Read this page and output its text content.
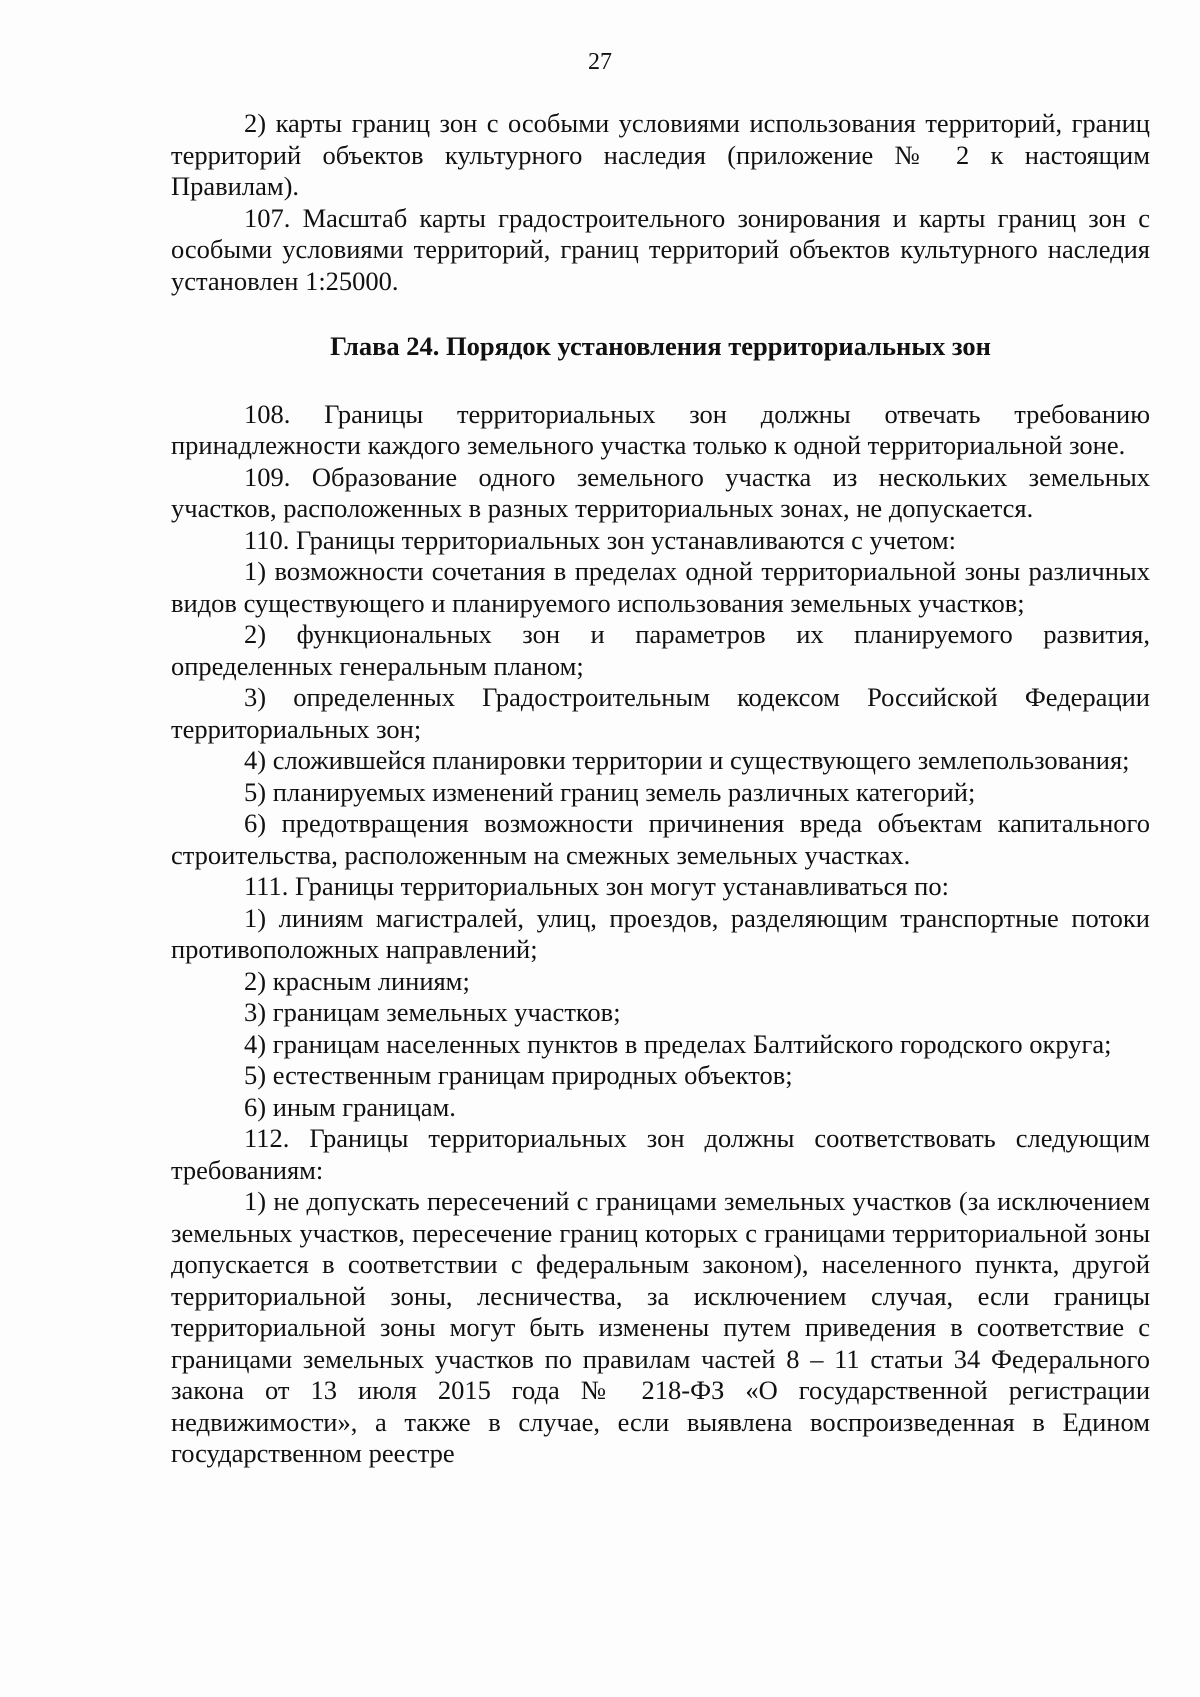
27

2) карты границ зон с особыми условиями использования территорий, границ территорий объектов культурного наследия (приложение № 2 к настоящим Правилам).

107. Масштаб карты градостроительного зонирования и карты границ зон с особыми условиями территорий, границ территорий объектов культурного наследия установлен 1:25000.

Глава 24. Порядок установления территориальных зон

108. Границы территориальных зон должны отвечать требованию принадлежности каждого земельного участка только к одной территориальной зоне.

109. Образование одного земельного участка из нескольких земельных участков, расположенных в разных территориальных зонах, не допускается.

110. Границы территориальных зон устанавливаются с учетом:

1) возможности сочетания в пределах одной территориальной зоны различных видов существующего и планируемого использования земельных участков;

2) функциональных зон и параметров их планируемого развития, определенных генеральным планом;

3) определенных Градостроительным кодексом Российской Федерации территориальных зон;

4) сложившейся планировки территории и существующего землепользования;

5) планируемых изменений границ земель различных категорий;

6) предотвращения возможности причинения вреда объектам капитального строительства, расположенным на смежных земельных участках.

111. Границы территориальных зон могут устанавливаться по:

1) линиям магистралей, улиц, проездов, разделяющим транспортные потоки противоположных направлений;

2) красным линиям;

3) границам земельных участков;

4) границам населенных пунктов в пределах Балтийского городского округа;

5) естественным границам природных объектов;

6) иным границам.

112. Границы территориальных зон должны соответствовать следующим требованиям:

1) не допускать пересечений с границами земельных участков (за исключением земельных участков, пересечение границ которых с границами территориальной зоны допускается в соответствии с федеральным законом), населенного пункта, другой территориальной зоны, лесничества, за исключением случая, если границы территориальной зоны могут быть изменены путем приведения в соответствие с границами земельных участков по правилам частей 8 – 11 статьи 34 Федерального закона от 13 июля 2015 года № 218-ФЗ «О государственной регистрации недвижимости», а также в случае, если выявлена воспроизведенная в Едином государственном реестре
